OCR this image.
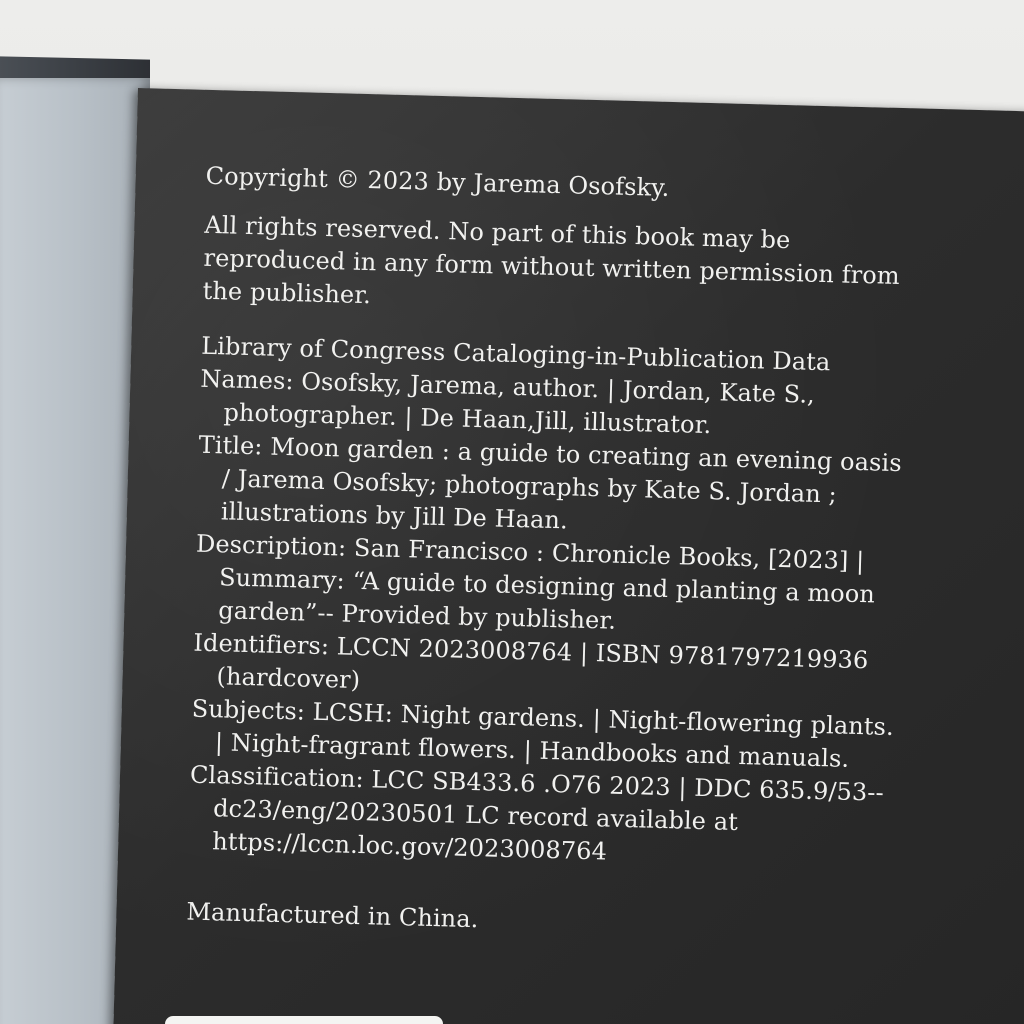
Copyright © 2023 by Jarema Osofsky.

All rights reserved. No part of this book may be reproduced in any form without written permission from the publisher.

Library of Congress Cataloging-in-Publication Data

Names: Osofsky, Jarema, author. | Jordan, Kate S., photographer. | De Haan,Jill, illustrator.

Title: Moon garden : a guide to creating an evening oasis / Jarema Osofsky; photographs by Kate S. Jordan ; illustrations by Jill De Haan.

Description: San Francisco : Chronicle Books, [2023] | Summary: “A guide to designing and planting a moon garden”-- Provided by publisher.

Identifiers: LCCN 2023008764 | ISBN 9781797219936 (hardcover)

Subjects: LCSH: Night gardens. | Night-flowering plants. | Night-fragrant flowers. | Handbooks and manuals.

Classification: LCC SB433.6 .O76 2023 | DDC 635.9/53--dc23/eng/20230501 LC record available at https://lccn.loc.gov/2023008764

Manufactured in China.
